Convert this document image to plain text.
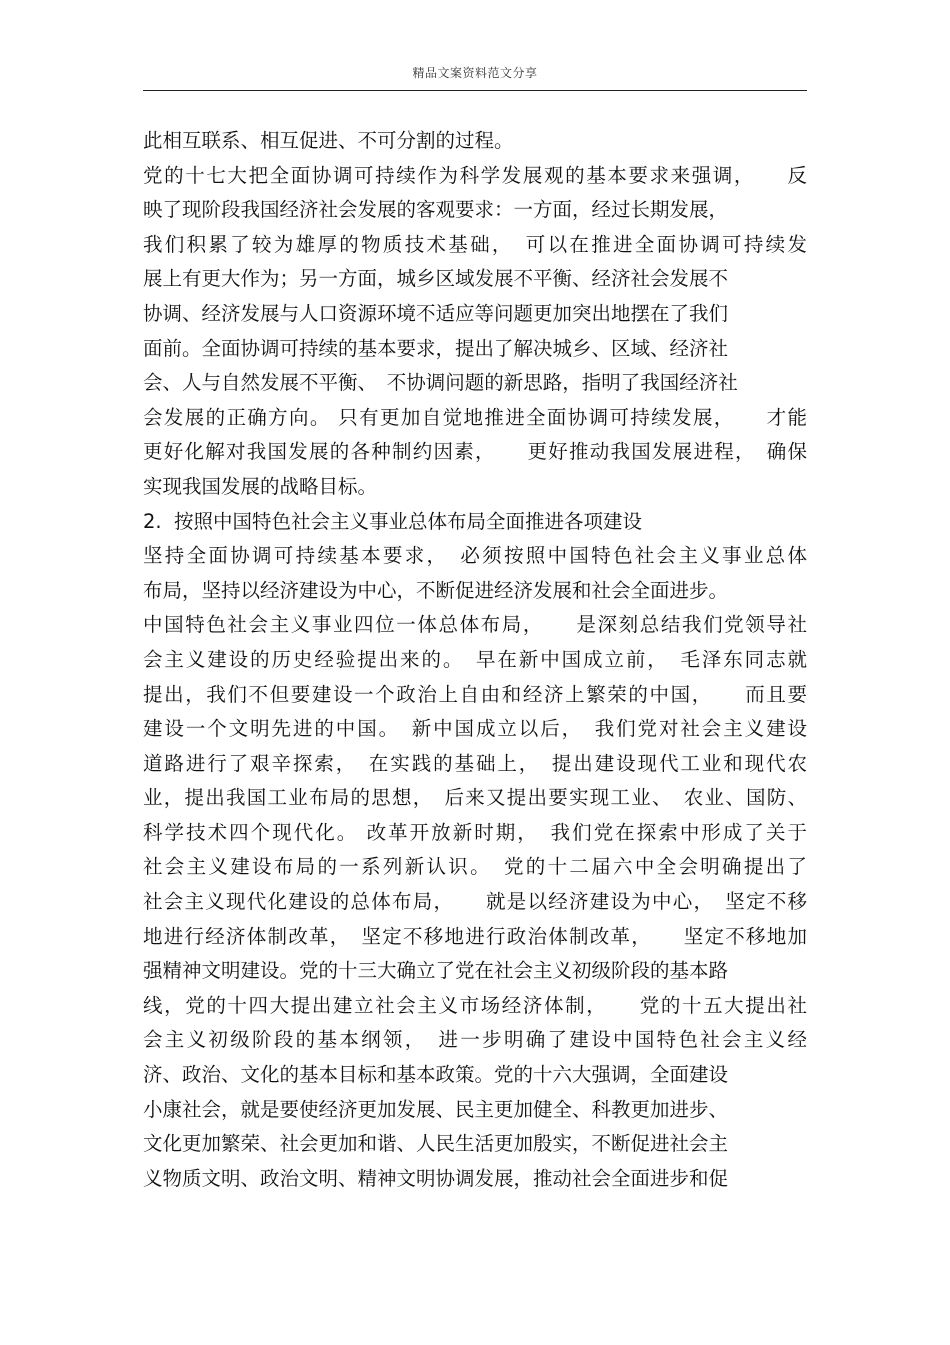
精品文案资料范文分享
此相互联系、相互促进、不可分割的过程。
党的十七大把全面协调可持续作为科学发展观的基本要求来强调，　　反
映了现阶段我国经济社会发展的客观要求：一方面，经过长期发展，
我们积累了较为雄厚的物质技术基础，　可以在推进全面协调可持续发
展上有更大作为；另一方面，城乡区域发展不平衡、经济社会发展不
协调、经济发展与人口资源环境不适应等问题更加突出地摆在了我们
面前。全面协调可持续的基本要求，提出了解决城乡、区域、经济社
会、人与自然发展不平衡、　不协调问题的新思路，指明了我国经济社
会发展的正确方向。 只有更加自觉地推进全面协调可持续发展，　　才能
更好化解对我国发展的各种制约因素，　　更好推动我国发展进程，　确保
实现我国发展的战略目标。
2.  按照中国特色社会主义事业总体布局全面推进各项建设
坚持全面协调可持续基本要求，　必须按照中国特色社会主义事业总体
布局，坚持以经济建设为中心，不断促进经济发展和社会全面进步。
中国特色社会主义事业四位一体总体布局，　　是深刻总结我们党领导社
会主义建设的历史经验提出来的。　早在新中国成立前，　毛泽东同志就
提出，我们不但要建设一个政治上自由和经济上繁荣的中国，　　而且要
建设一个文明先进的中国。　新中国成立以后，　我们党对社会主义建设
道路进行了艰辛探索，　在实践的基础上，　提出建设现代工业和现代农
业，提出我国工业布局的思想，　后来又提出要实现工业、　农业、国防、
科学技术四个现代化。 改革开放新时期，　我们党在探索中形成了关于
社会主义建设布局的一系列新认识。　党的十二届六中全会明确提出了
社会主义现代化建设的总体布局，　　就是以经济建设为中心，　坚定不移
地进行经济体制改革，　坚定不移地进行政治体制改革，　　坚定不移地加
强精神文明建设。党的十三大确立了党在社会主义初级阶段的基本路
线，党的十四大提出建立社会主义市场经济体制，　　党的十五大提出社
会主义初级阶段的基本纲领，　进一步明确了建设中国特色社会主义经
济、政治、文化的基本目标和基本政策。党的十六大强调，全面建设
小康社会，就是要使经济更加发展、民主更加健全、科教更加进步、
文化更加繁荣、社会更加和谐、人民生活更加殷实，不断促进社会主
义物质文明、政治文明、精神文明协调发展，推动社会全面进步和促
